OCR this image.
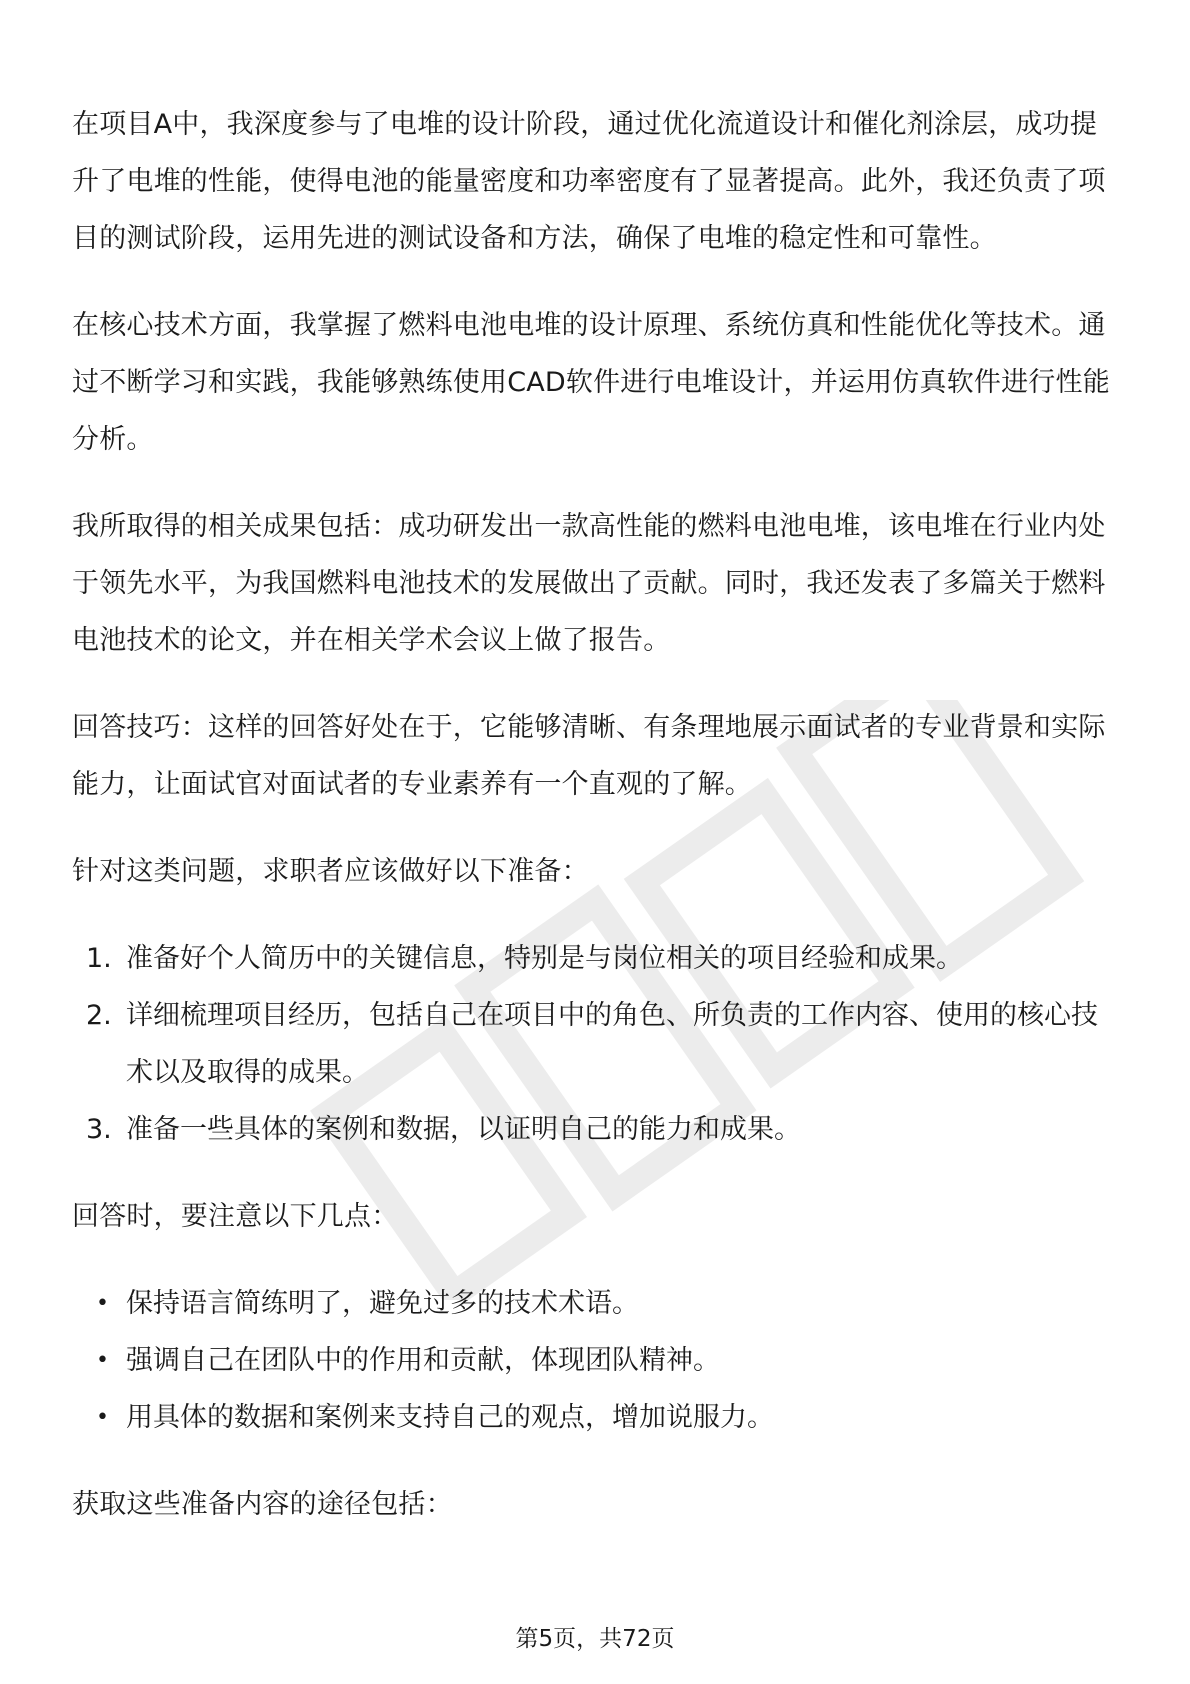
在项目A中，我深度参与了电堆的设计阶段，通过优化流道设计和催化剂涂层，成功提升了电堆的性能，使得电池的能量密度和功率密度有了显著提高。此外，我还负责了项目的测试阶段，运用先进的测试设备和方法，确保了电堆的稳定性和可靠性。

在核心技术方面，我掌握了燃料电池电堆的设计原理、系统仿真和性能优化等技术。通过不断学习和实践，我能够熟练使用CAD软件进行电堆设计，并运用仿真软件进行性能分析。

我所取得的相关成果包括：成功研发出一款高性能的燃料电池电堆，该电堆在行业内处于领先水平，为我国燃料电池技术的发展做出了贡献。同时，我还发表了多篇关于燃料电池技术的论文，并在相关学术会议上做了报告。

回答技巧：这样的回答好处在于，它能够清晰、有条理地展示面试者的专业背景和实际能力，让面试官对面试者的专业素养有一个直观的了解。

针对这类问题，求职者应该做好以下准备：

1. 准备好个人简历中的关键信息，特别是与岗位相关的项目经验和成果。
2. 详细梳理项目经历，包括自己在项目中的角色、所负责的工作内容、使用的核心技术以及取得的成果。
3. 准备一些具体的案例和数据，以证明自己的能力和成果。

回答时，要注意以下几点：

• 保持语言简练明了，避免过多的技术术语。
• 强调自己在团队中的作用和贡献，体现团队精神。
• 用具体的数据和案例来支持自己的观点，增加说服力。

获取这些准备内容的途径包括：

第5页，共72页
